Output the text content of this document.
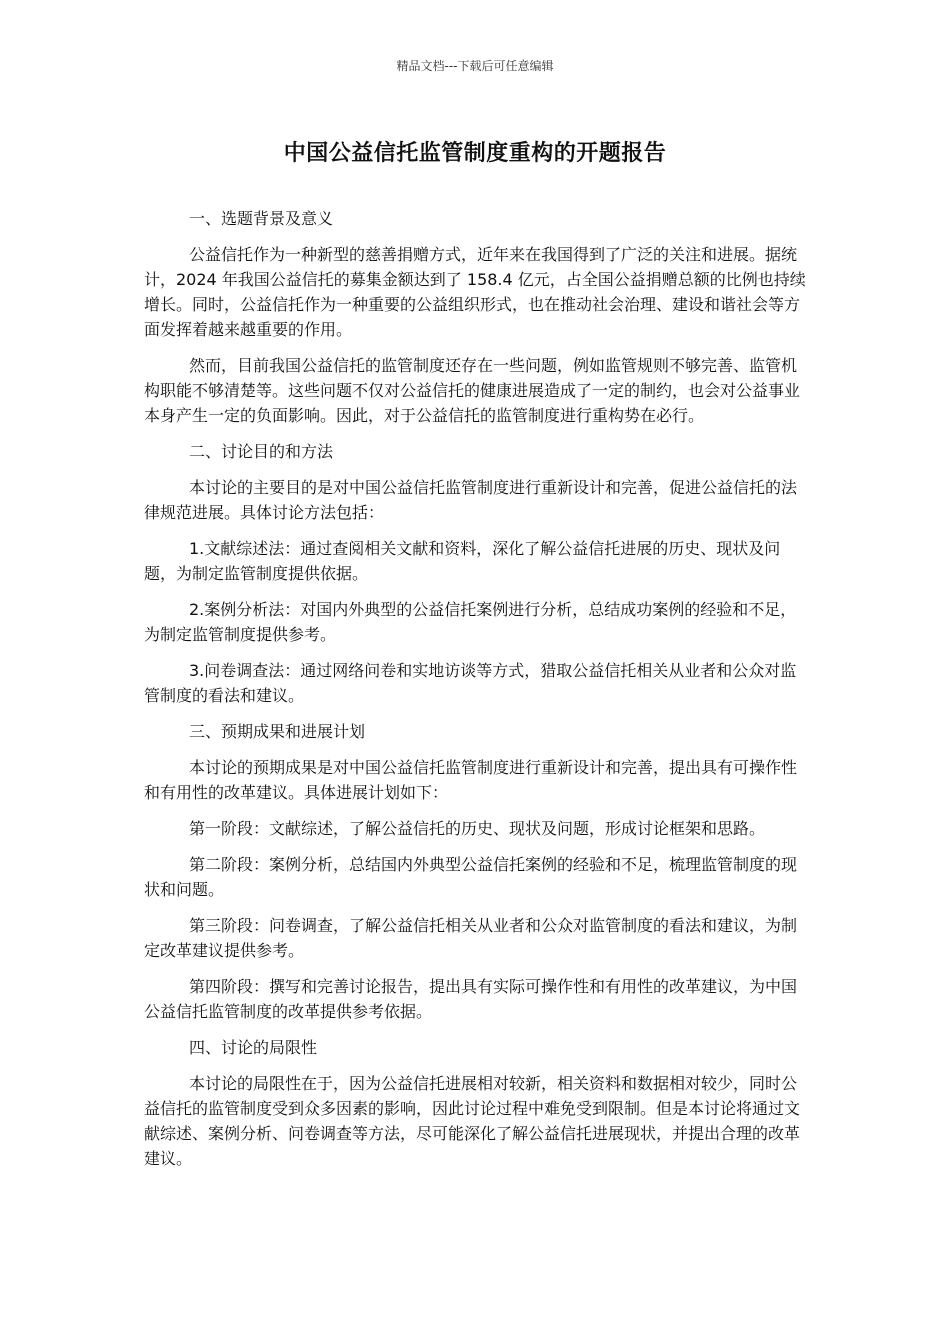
精品文档---下载后可任意编辑
中国公益信托监管制度重构的开题报告

一、选题背景及意义

公益信托作为一种新型的慈善捐赠方式，近年来在我国得到了广泛的关注和进展。据统计，2024 年我国公益信托的募集金额达到了 158.4 亿元，占全国公益捐赠总额的比例也持续增长。同时，公益信托作为一种重要的公益组织形式，也在推动社会治理、建设和谐社会等方面发挥着越来越重要的作用。

然而，目前我国公益信托的监管制度还存在一些问题，例如监管规则不够完善、监管机构职能不够清楚等。这些问题不仅对公益信托的健康进展造成了一定的制约，也会对公益事业本身产生一定的负面影响。因此，对于公益信托的监管制度进行重构势在必行。

二、讨论目的和方法

本讨论的主要目的是对中国公益信托监管制度进行重新设计和完善，促进公益信托的法律规范进展。具体讨论方法包括：

1.文献综述法：通过查阅相关文献和资料，深化了解公益信托进展的历史、现状及问题，为制定监管制度提供依据。

2.案例分析法：对国内外典型的公益信托案例进行分析，总结成功案例的经验和不足，为制定监管制度提供参考。

3.问卷调查法：通过网络问卷和实地访谈等方式，猎取公益信托相关从业者和公众对监管制度的看法和建议。

三、预期成果和进展计划

本讨论的预期成果是对中国公益信托监管制度进行重新设计和完善，提出具有可操作性和有用性的改革建议。具体进展计划如下：

第一阶段：文献综述，了解公益信托的历史、现状及问题，形成讨论框架和思路。

第二阶段：案例分析，总结国内外典型公益信托案例的经验和不足，梳理监管制度的现状和问题。

第三阶段：问卷调查，了解公益信托相关从业者和公众对监管制度的看法和建议，为制定改革建议提供参考。

第四阶段：撰写和完善讨论报告，提出具有实际可操作性和有用性的改革建议，为中国公益信托监管制度的改革提供参考依据。

四、讨论的局限性

本讨论的局限性在于，因为公益信托进展相对较新，相关资料和数据相对较少，同时公益信托的监管制度受到众多因素的影响，因此讨论过程中难免受到限制。但是本讨论将通过文献综述、案例分析、问卷调查等方法，尽可能深化了解公益信托进展现状，并提出合理的改革建议。
